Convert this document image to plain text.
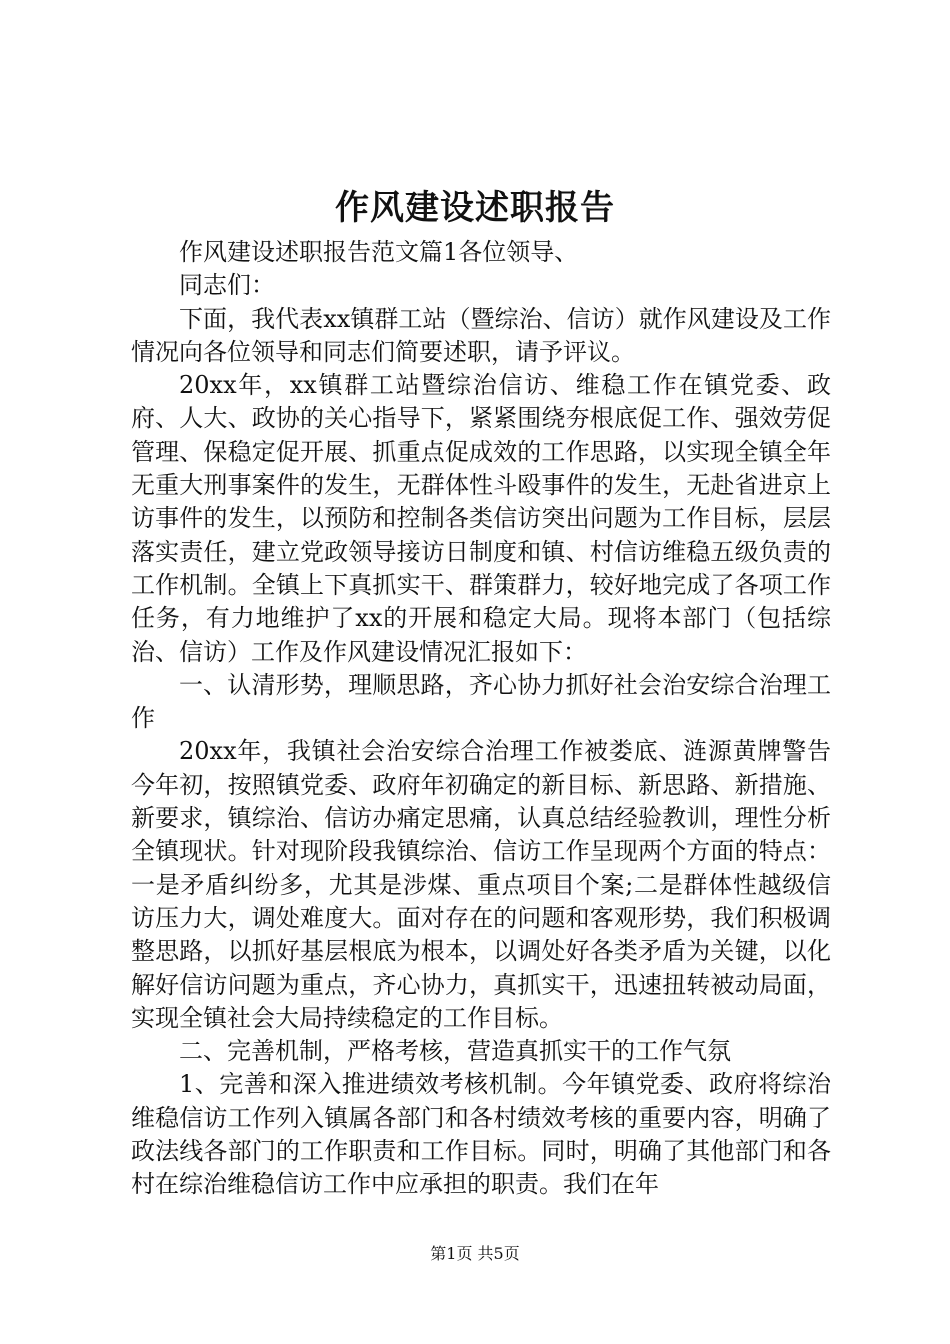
作风建设述职报告

作风建设述职报告范文篇1各位领导、

同志们：

下面，我代表xx镇群工站（暨综治、信访）就作风建设及工作情况向各位领导和同志们简要述职，请予评议。

20xx年，xx镇群工站暨综治信访、维稳工作在镇党委、政府、人大、政协的关心指导下，紧紧围绕夯根底促工作、强效劳促管理、保稳定促开展、抓重点促成效的工作思路，以实现全镇全年无重大刑事案件的发生，无群体性斗殴事件的发生，无赴省进京上访事件的发生，以预防和控制各类信访突出问题为工作目标，层层落实责任，建立党政领导接访日制度和镇、村信访维稳五级负责的工作机制。全镇上下真抓实干、群策群力，较好地完成了各项工作任务，有力地维护了xx的开展和稳定大局。现将本部门（包括综治、信访）工作及作风建设情况汇报如下：

一、认清形势，理顺思路，齐心协力抓好社会治安综合治理工作

20xx年，我镇社会治安综合治理工作被娄底、涟源黄牌警告今年初，按照镇党委、政府年初确定的新目标、新思路、新措施、新要求，镇综治、信访办痛定思痛，认真总结经验教训，理性分析全镇现状。针对现阶段我镇综治、信访工作呈现两个方面的特点：一是矛盾纠纷多，尤其是涉煤、重点项目个案;二是群体性越级信访压力大，调处难度大。面对存在的问题和客观形势，我们积极调整思路，以抓好基层根底为根本，以调处好各类矛盾为关键，以化解好信访问题为重点，齐心协力，真抓实干，迅速扭转被动局面，实现全镇社会大局持续稳定的工作目标。

二、完善机制，严格考核，营造真抓实干的工作气氛

1、完善和深入推进绩效考核机制。今年镇党委、政府将综治维稳信访工作列入镇属各部门和各村绩效考核的重要内容，明确了政法线各部门的工作职责和工作目标。同时，明确了其他部门和各村在综治维稳信访工作中应承担的职责。我们在年

第1页 共5页
